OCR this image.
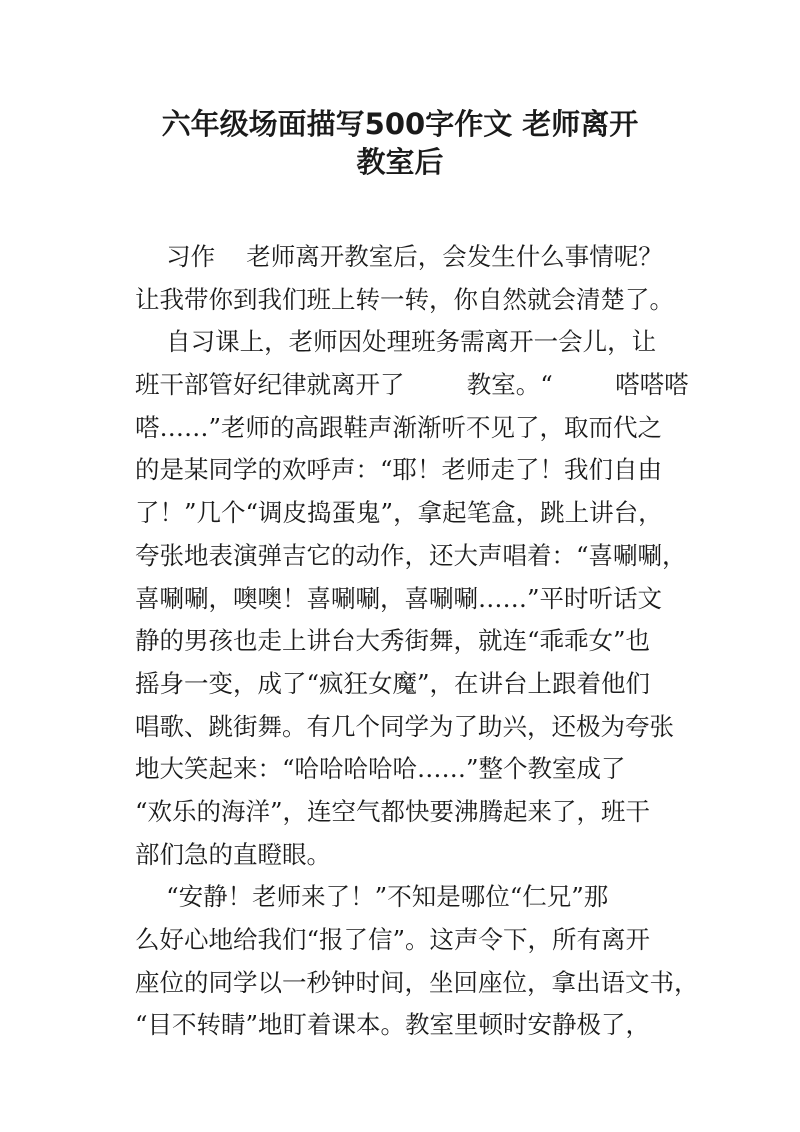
六年级场面描写500字作文 老师离开
教室后
习作    老师离开教室后，会发生什么事情呢？
让我带你到我们班上转一转，你自然就会清楚了。
自习课上，老师因处理班务需离开一会儿，让
班干部管好纪律就离开了        教室。“        嗒嗒嗒
嗒……”老师的高跟鞋声渐渐听不见了，取而代之
的是某同学的欢呼声：“耶！老师走了！我们自由
了！”几个“调皮捣蛋鬼”，拿起笔盒，跳上讲台，
夸张地表演弹吉它的动作，还大声唱着：“喜唰唰，
喜唰唰，噢噢！喜唰唰，喜唰唰……”平时听话文
静的男孩也走上讲台大秀街舞，就连“乖乖女”也
摇身一变，成了“疯狂女魔”，在讲台上跟着他们
唱歌、跳街舞。有几个同学为了助兴，还极为夸张
地大笑起来：“哈哈哈哈哈……”整个教室成了
“欢乐的海洋”，连空气都快要沸腾起来了，班干
部们急的直瞪眼。
“安静！老师来了！”不知是哪位“仁兄”那
么好心地给我们“报了信”。这声令下，所有离开
座位的同学以一秒钟时间，坐回座位，拿出语文书，
“目不转睛”地盯着课本。教室里顿时安静极了，
